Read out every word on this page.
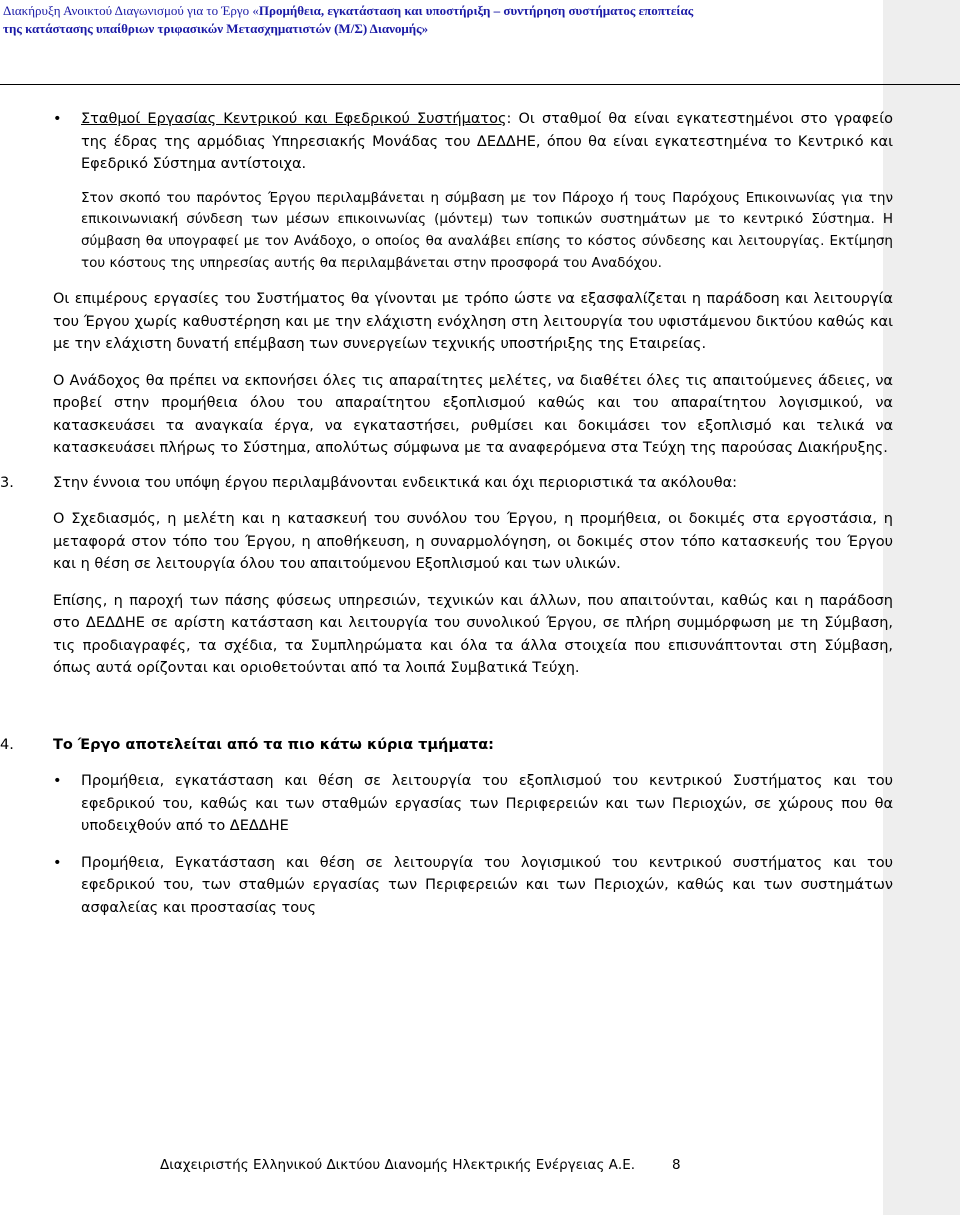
Διακήρυξη Ανοικτού Διαγωνισμού για το Έργο «Προμήθεια, εγκατάσταση και υποστήριξη – συντήρηση συστήματος εποπτείας
της κατάστασης υπαίθριων τριφασικών Μετασχηματιστών (Μ/Σ) Διανομής»
• Σταθμοί Εργασίας Κεντρικού και Εφεδρικού Συστήματος: Οι σταθμοί θα είναι εγκατεστημένοι στο γραφείο της έδρας της αρμόδιας Υπηρεσιακής Μονάδας του ΔΕΔΔΗΕ, όπου θα είναι εγκατεστημένα το Κεντρικό και Εφεδρικό Σύστημα αντίστοιχα.

Στον σκοπό του παρόντος Έργου περιλαμβάνεται η σύμβαση με τον Πάροχο ή τους Παρόχους Επικοινωνίας για την επικοινωνιακή σύνδεση των μέσων επικοινωνίας (μόντεμ) των τοπικών συστημάτων με το κεντρικό Σύστημα. Η σύμβαση θα υπογραφεί με τον Ανάδοχο, ο οποίος θα αναλάβει επίσης το κόστος σύνδεσης και λειτουργίας. Εκτίμηση του κόστους της υπηρεσίας αυτής θα περιλαμβάνεται στην προσφορά του Αναδόχου.

Οι επιμέρους εργασίες του Συστήματος θα γίνονται με τρόπο ώστε να εξασφαλίζεται η παράδοση και λειτουργία του Έργου χωρίς καθυστέρηση και με την ελάχιστη ενόχληση στη λειτουργία του υφιστάμενου δικτύου καθώς και με την ελάχιστη δυνατή επέμβαση των συνεργείων τεχνικής υποστήριξης της Εταιρείας.

Ο Ανάδοχος θα πρέπει να εκπονήσει όλες τις απαραίτητες μελέτες, να διαθέτει όλες τις απαιτούμενες άδειες, να προβεί στην προμήθεια όλου του απαραίτητου εξοπλισμού καθώς και του απαραίτητου λογισμικού, να κατασκευάσει τα αναγκαία έργα, να εγκαταστήσει, ρυθμίσει και δοκιμάσει τον εξοπλισμό και τελικά να κατασκευάσει πλήρως το Σύστημα, απολύτως σύμφωνα με τα αναφερόμενα στα Τεύχη της παρούσας Διακήρυξης.

3.	Στην έννοια του υπόψη έργου περιλαμβάνονται ενδεικτικά και όχι περιοριστικά τα ακόλουθα:

Ο Σχεδιασμός, η μελέτη και η κατασκευή του συνόλου του Έργου, η προμήθεια, οι δοκιμές στα εργοστάσια, η μεταφορά στον τόπο του Έργου, η αποθήκευση, η συναρμολόγηση, οι δοκιμές στον τόπο κατασκευής του Έργου και η θέση σε λειτουργία όλου του απαιτούμενου Εξοπλισμού και των υλικών.

Επίσης, η παροχή των πάσης φύσεως υπηρεσιών, τεχνικών και άλλων, που απαιτούνται, καθώς και η παράδοση στο ΔΕΔΔΗΕ σε αρίστη κατάσταση και λειτουργία του συνολικού Έργου, σε πλήρη συμμόρφωση με τη Σύμβαση, τις προδιαγραφές, τα σχέδια, τα Συμπληρώματα και όλα τα άλλα στοιχεία που επισυνάπτονται στη Σύμβαση, όπως αυτά ορίζονται και οριοθετούνται από τα λοιπά Συμβατικά Τεύχη.

4.	Το Έργο αποτελείται από τα πιο κάτω κύρια τμήματα:

• Προμήθεια, εγκατάσταση και θέση σε λειτουργία του εξοπλισμού του κεντρικού Συστήματος και του εφεδρικού του, καθώς και των σταθμών εργασίας των Περιφερειών και των Περιοχών, σε χώρους που θα υποδειχθούν από το ΔΕΔΔΗΕ

• Προμήθεια, Εγκατάσταση και θέση σε λειτουργία του λογισμικού του κεντρικού συστήματος και του εφεδρικού του, των σταθμών εργασίας των Περιφερειών και των Περιοχών, καθώς και των συστημάτων ασφαλείας και προστασίας τους

Διαχειριστής Ελληνικού Δικτύου Διανομής Ηλεκτρικής Ενέργειας Α.Ε.	8
